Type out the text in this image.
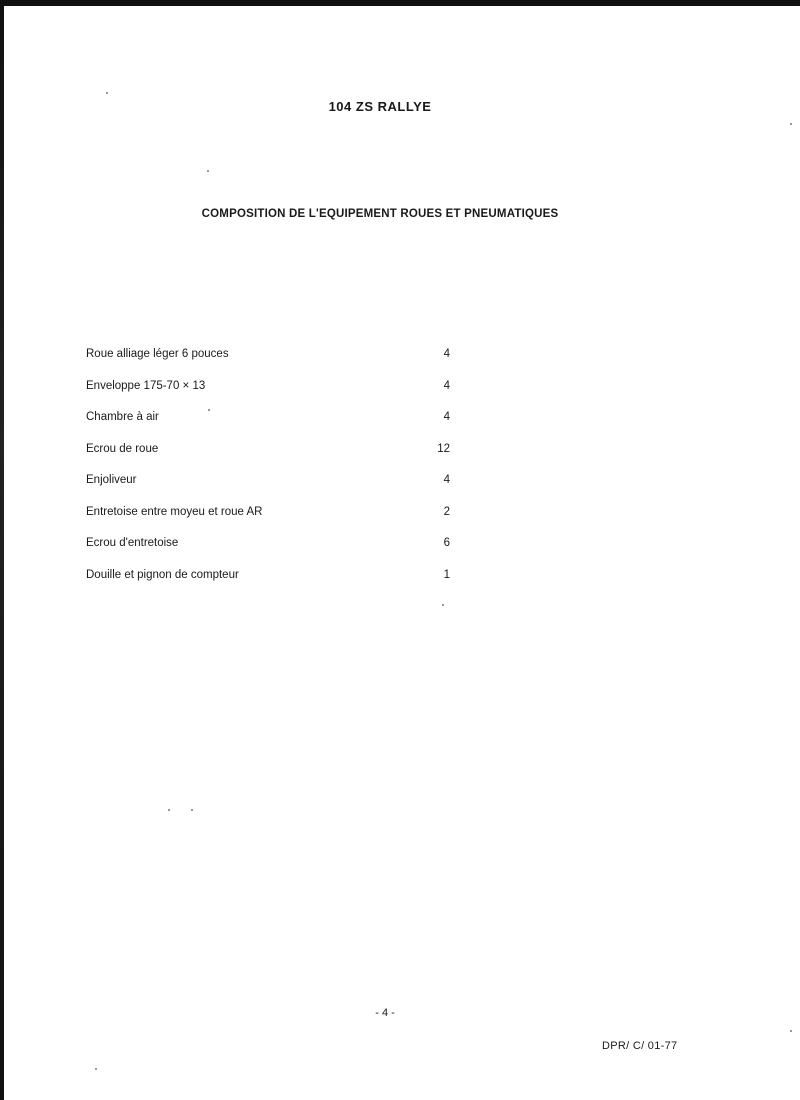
104 ZS RALLYE
COMPOSITION DE L'EQUIPEMENT ROUES ET PNEUMATIQUES
Roue alliage léger 6 pouces	4
Enveloppe 175-70 × 13	4
Chambre à air	4
Ecrou de roue	12
Enjoliveur	4
Entretoise entre moyeu et roue AR	2
Ecrou d'entretoise	6
Douille et pignon de compteur	1
- 4 -
DPR/ C/ 01-77
